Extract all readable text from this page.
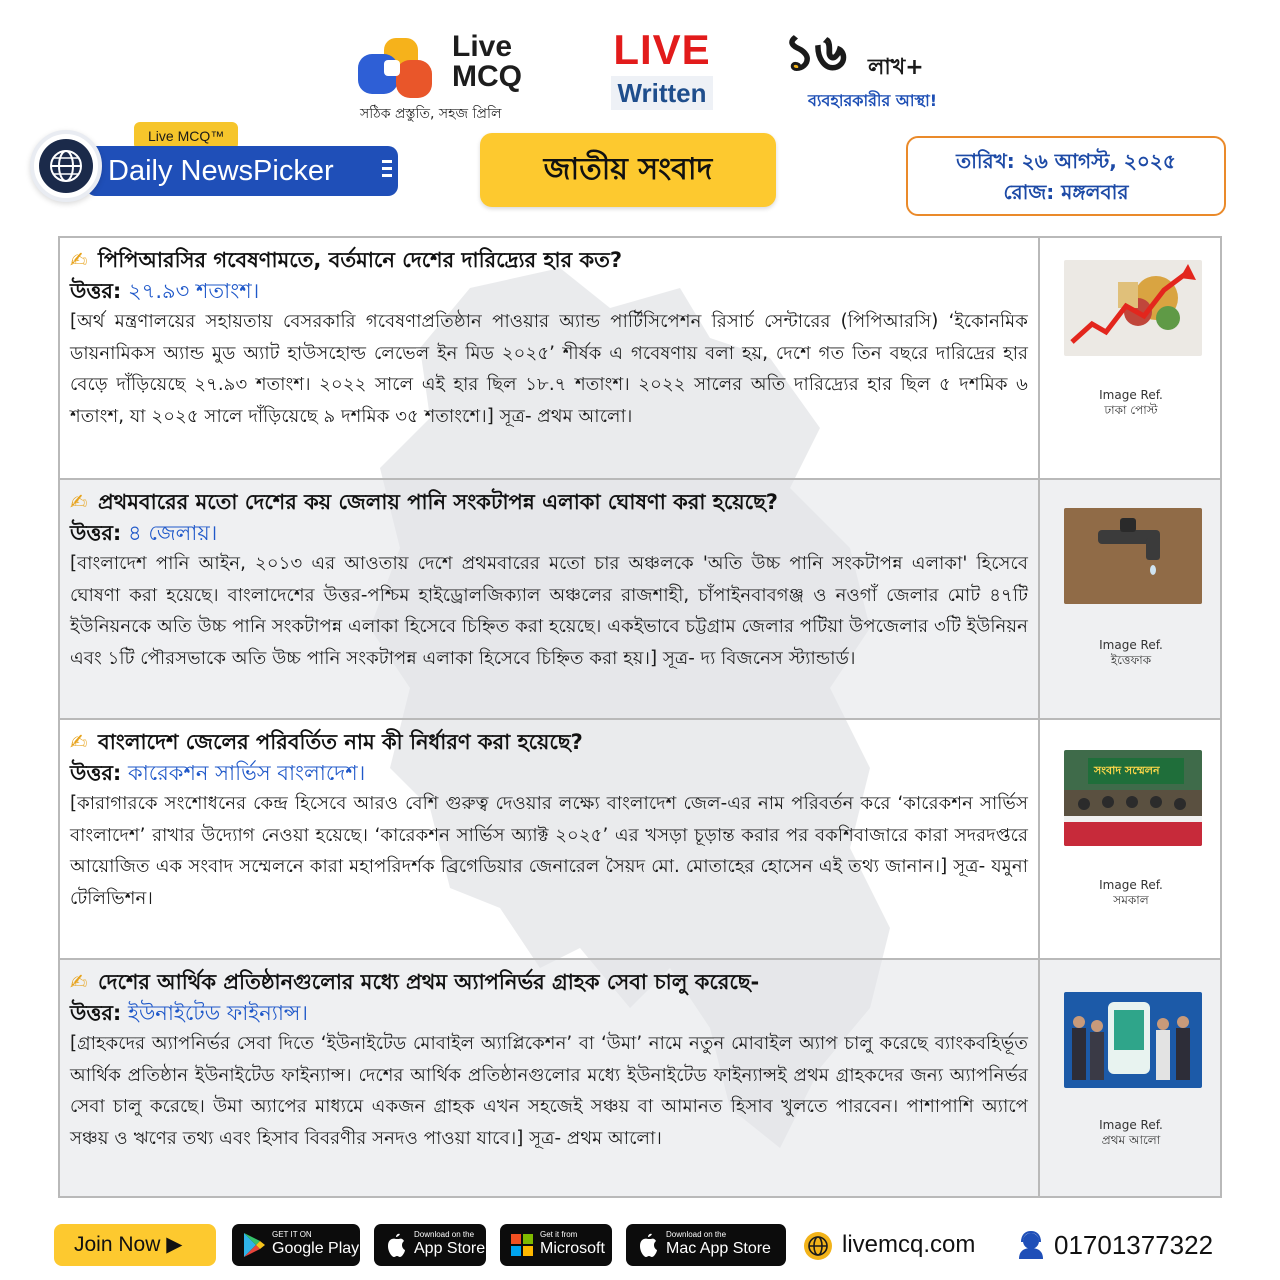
Live
MCQ
সঠিক প্রস্তুতি, সহজ প্রিলি
LIVE
Written
১৬ লাখ+
ব্যবহারকারীর আস্থা!
Live MCQ™
Daily NewsPicker	জাতীয় সংবাদ	তারিখ: ২৬ আগস্ট, ২০২৫
রোজ: মঙ্গলবার
✍ পিপিআরসির গবেষণামতে, বর্তমানে দেশের দারিদ্র্যের হার কত?
উত্তর: ২৭.৯৩ শতাংশ।
[অর্থ মন্ত্রণালয়ের সহায়তায় বেসরকারি গবেষণাপ্রতিষ্ঠান পাওয়ার অ্যান্ড পার্টিসিপেশন রিসার্চ সেন্টারের (পিপিআরসি) ‘ইকোনমিক ডায়নামিকস অ্যান্ড মুড অ্যাট হাউসহোল্ড লেভেল ইন মিড ২০২৫’ শীর্ষক এ গবেষণায় বলা হয়, দেশে গত তিন বছরে দারিদ্রের হার বেড়ে দাঁড়িয়েছে ২৭.৯৩ শতাংশ। ২০২২ সালে এই হার ছিল ১৮.৭ শতাংশ। ২০২২ সালের অতি দারিদ্র্যের হার ছিল ৫ দশমিক ৬ শতাংশ, যা ২০২৫ সালে দাঁড়িয়েছে ৯ দশমিক ৩৫ শতাংশে।] সূত্র- প্রথম আলো।
Image Ref.
ঢাকা পোস্ট
✍ প্রথমবারের মতো দেশের কয় জেলায় পানি সংকটাপন্ন এলাকা ঘোষণা করা হয়েছে?
উত্তর: ৪ জেলায়।
[বাংলাদেশ পানি আইন, ২০১৩ এর আওতায় দেশে প্রথমবারের মতো চার অঞ্চলকে 'অতি উচ্চ পানি সংকটাপন্ন এলাকা' হিসেবে ঘোষণা করা হয়েছে। বাংলাদেশের উত্তর-পশ্চিম হাইড্রোলজিক্যাল অঞ্চলের রাজশাহী, চাঁপাইনবাবগঞ্জ ও নওগাঁ জেলার মোট ৪৭টি ইউনিয়নকে অতি উচ্চ পানি সংকটাপন্ন এলাকা হিসেবে চিহ্নিত করা হয়েছে। একইভাবে চট্টগ্রাম জেলার পটিয়া উপজেলার ৩টি ইউনিয়ন এবং ১টি পৌরসভাকে অতি উচ্চ পানি সংকটাপন্ন এলাকা হিসেবে চিহ্নিত করা হয়।] সূত্র- দ্য বিজনেস স্ট্যান্ডার্ড।
Image Ref.
ইত্তেফাক
✍ বাংলাদেশ জেলের পরিবর্তিত নাম কী নির্ধারণ করা হয়েছে?
উত্তর: কারেকশন সার্ভিস বাংলাদেশ।
[কারাগারকে সংশোধনের কেন্দ্র হিসেবে আরও বেশি গুরুত্ব দেওয়ার লক্ষ্যে বাংলাদেশ জেল-এর নাম পরিবর্তন করে ‘কারেকশন সার্ভিস বাংলাদেশ’ রাখার উদ্যোগ নেওয়া হয়েছে। ‘কারেকশন সার্ভিস অ্যাক্ট ২০২৫’ এর খসড়া চূড়ান্ত করার পর বকশিবাজারে কারা সদরদপ্তরে আয়োজিত এক সংবাদ সম্মেলনে কারা মহাপরিদর্শক ব্রিগেডিয়ার জেনারেল সৈয়দ মো. মোতাহের হোসেন এই তথ্য জানান।] সূত্র- যমুনা টেলিভিশন।
সংবাদ সম্মেলন
Image Ref.
সমকাল
✍ দেশের আর্থিক প্রতিষ্ঠানগুলোর মধ্যে প্রথম অ্যাপনির্ভর গ্রাহক সেবা চালু করেছে-
উত্তর: ইউনাইটেড ফাইন্যান্স।
[গ্রাহকদের অ্যাপনির্ভর সেবা দিতে ‘ইউনাইটেড মোবাইল অ্যাপ্লিকেশন’ বা ‘উমা’ নামে নতুন মোবাইল অ্যাপ চালু করেছে ব্যাংকবহির্ভূত আর্থিক প্রতিষ্ঠান ইউনাইটেড ফাইন্যান্স। দেশের আর্থিক প্রতিষ্ঠানগুলোর মধ্যে ইউনাইটেড ফাইন্যান্সই প্রথম গ্রাহকদের জন্য অ্যাপনির্ভর সেবা চালু করেছে। উমা অ্যাপের মাধ্যমে একজন গ্রাহক এখন সহজেই সঞ্চয় বা আমানত হিসাব খুলতে পারবেন। পাশাপাশি অ্যাপে সঞ্চয় ও ঋণের তথ্য এবং হিসাব বিবরণীর সনদও পাওয়া যাবে।] সূত্র- প্রথম আলো।
Image Ref.
প্রথম আলো
Join Now ▶	GET IT ON
Google Play
Download on the
App Store
Get it from
Microsoft
Download on the
Mac App Store	livemcq.com	01701377322
